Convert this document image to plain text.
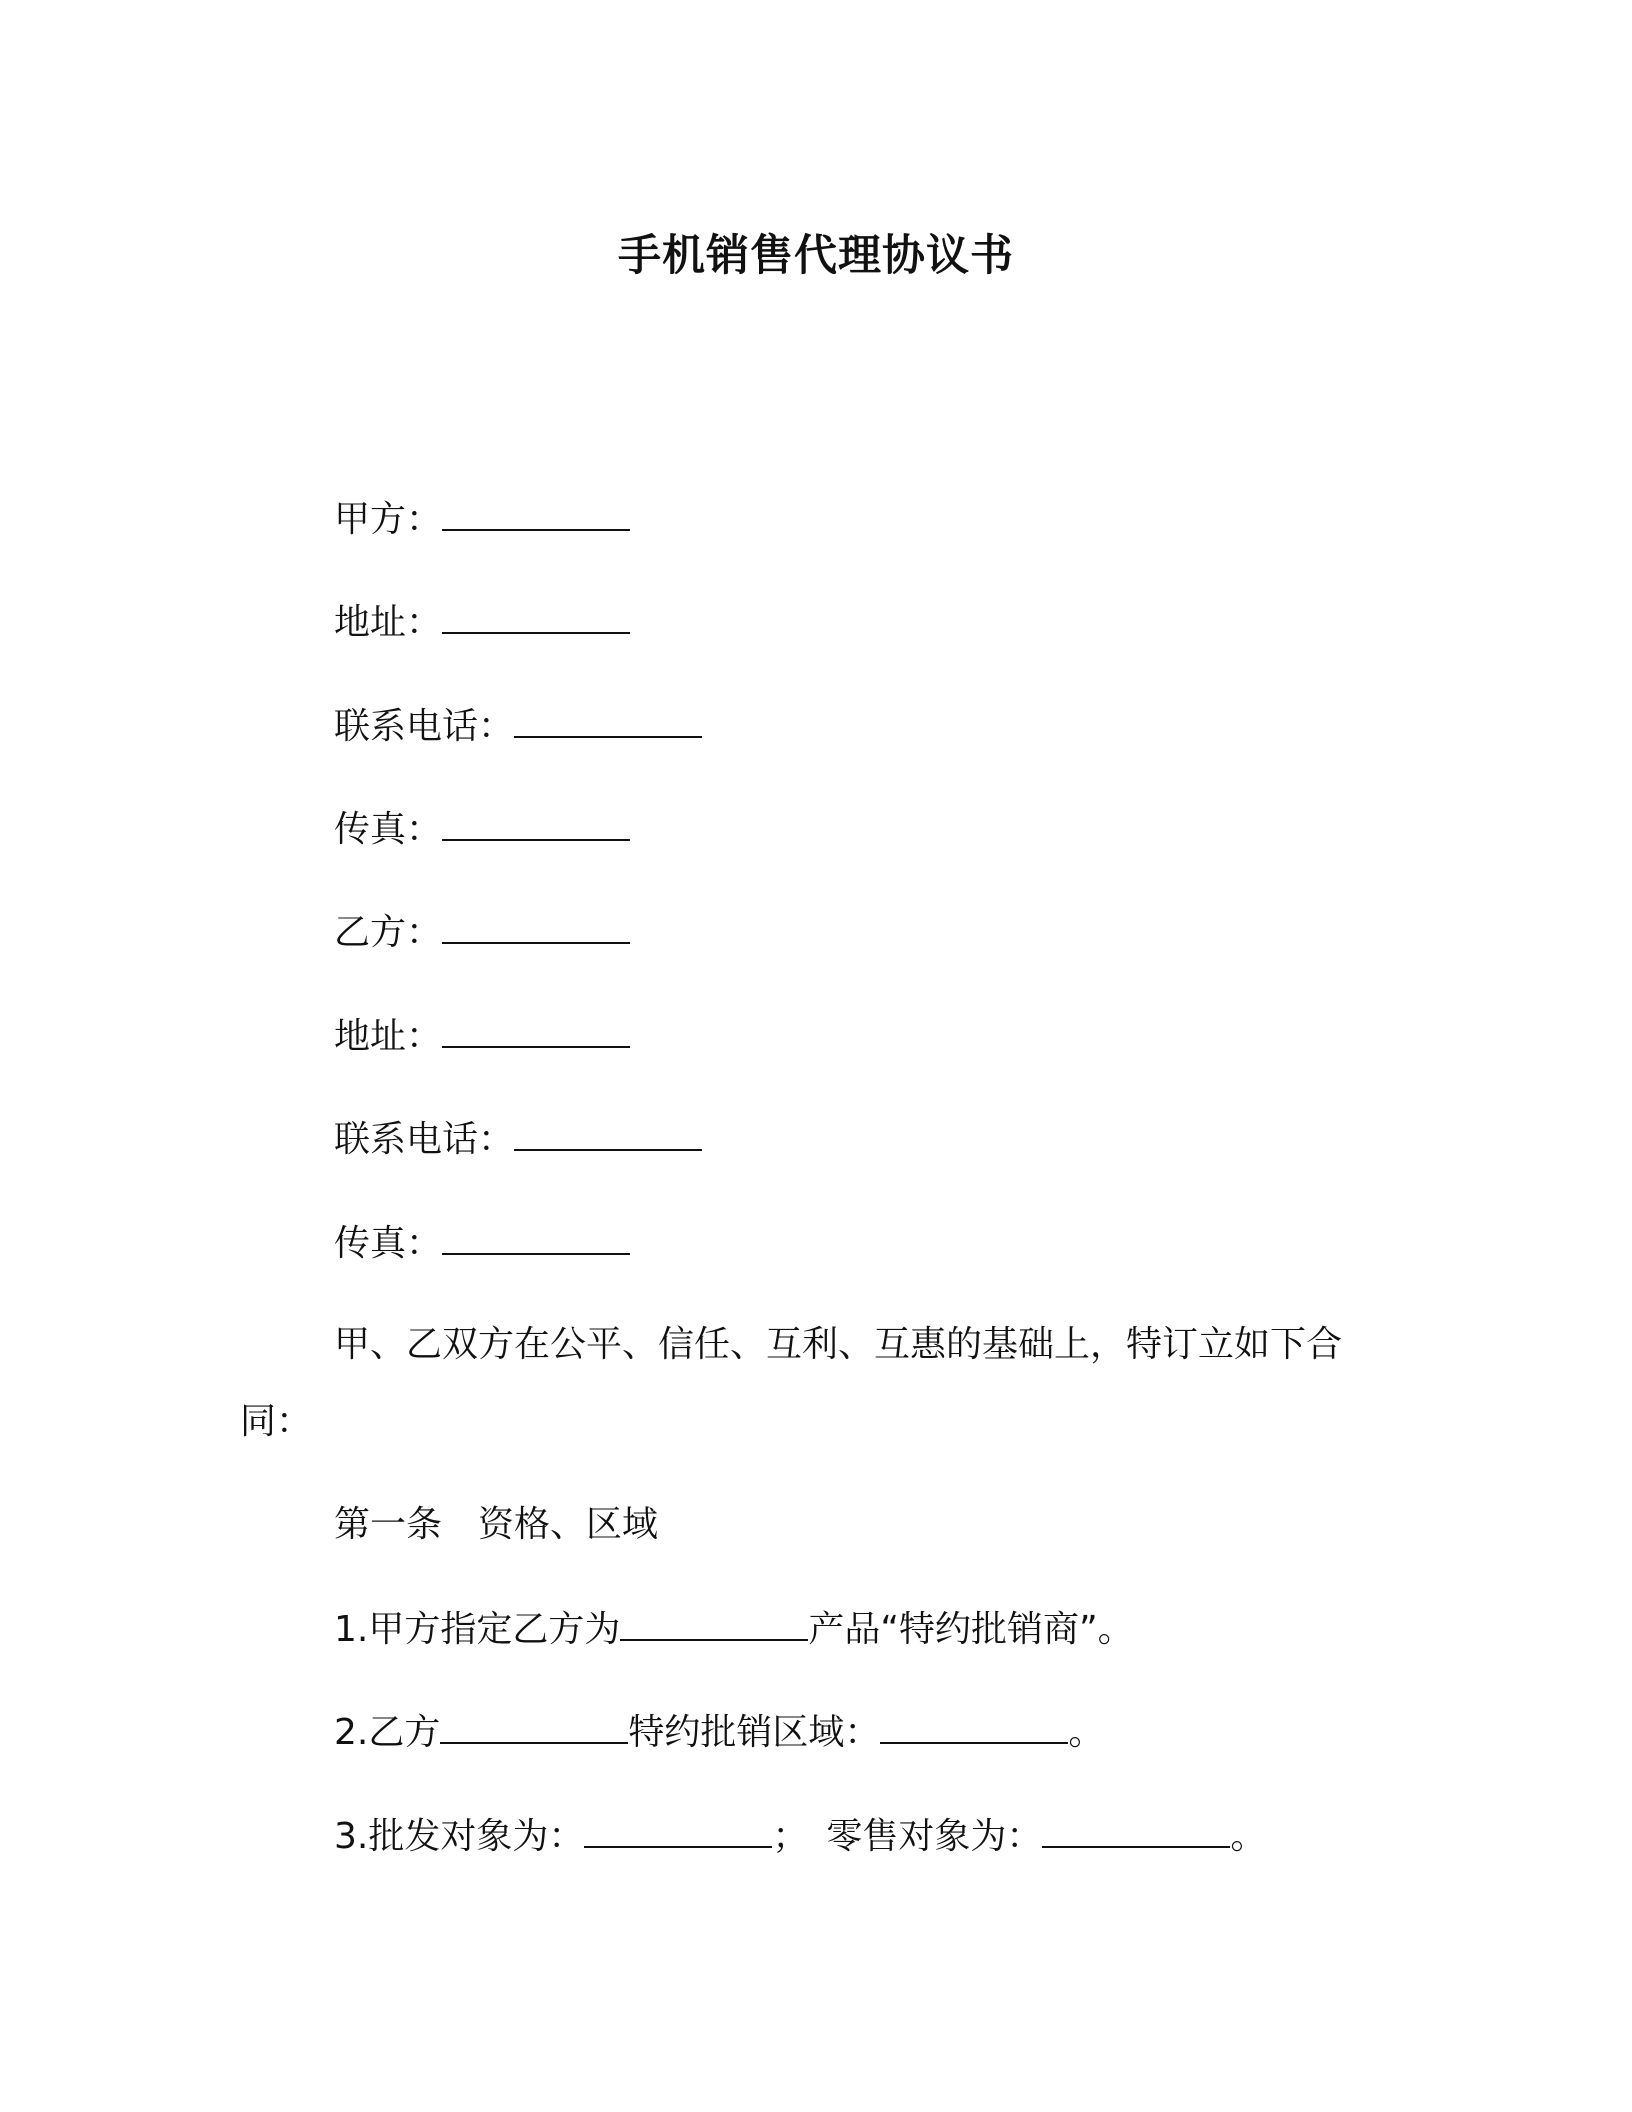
手机销售代理协议书
甲方：
地址：
联系电话：
传真：
乙方：
地址：
联系电话：
传真：
甲、乙双方在公平、信任、互利、互惠的基础上，特订立如下合
同：
第一条　资格、区域
1.甲方指定乙方为	产品“特约批销商”。
2.乙方	特约批销区域：	。
3.批发对象为：	；　零售对象为：	。
